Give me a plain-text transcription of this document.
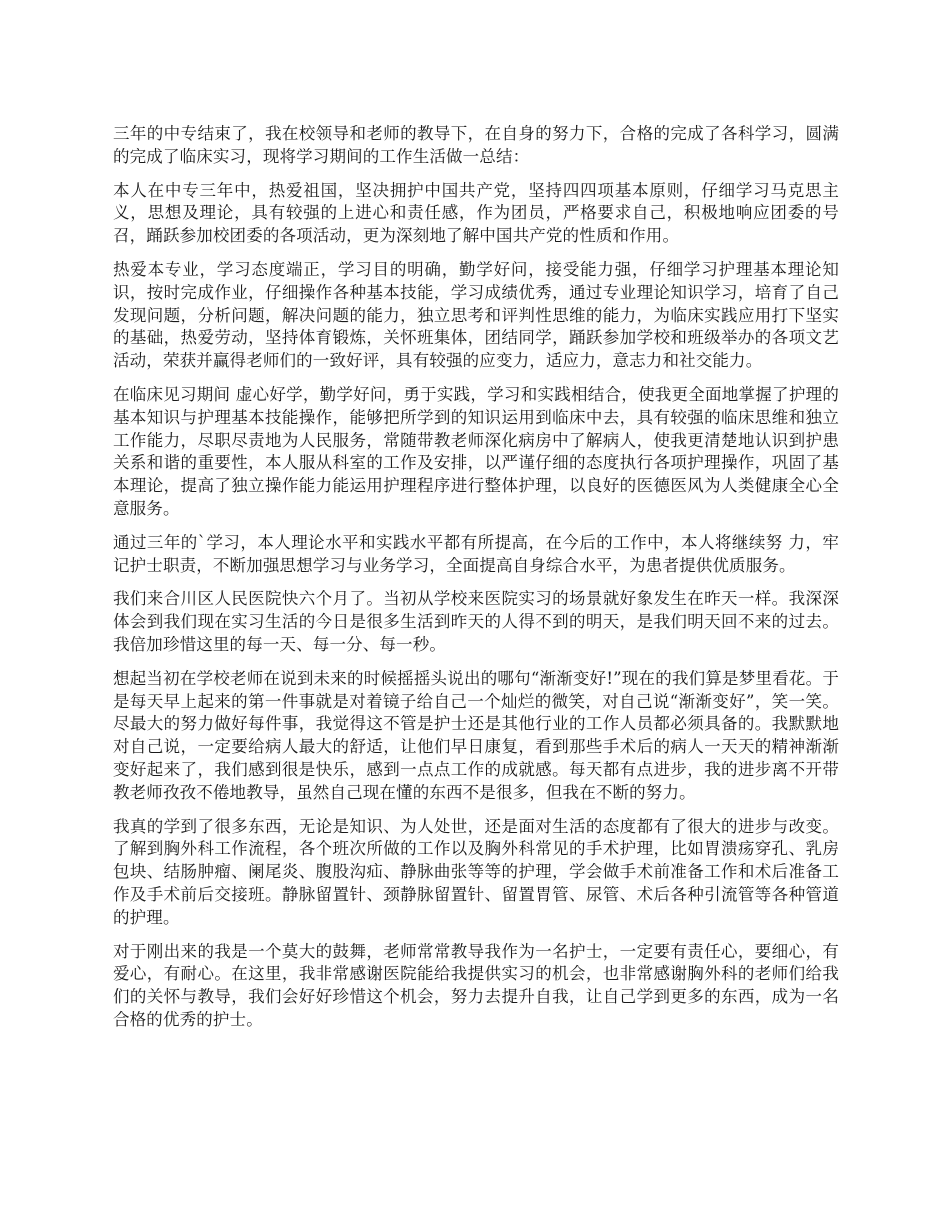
三年的中专结束了，我在校领导和老师的教导下，在自身的努力下，合格的完成了各科学习，圆满的完成了临床实习，现将学习期间的工作生活做一总结：

本人在中专三年中，热爱祖国，坚决拥护中国共产党，坚持四四项基本原则，仔细学习马克思主义，思想及理论，具有较强的上进心和责任感，作为团员，严格要求自己，积极地响应团委的号召，踊跃参加校团委的各项活动，更为深刻地了解中国共产党的性质和作用。

热爱本专业，学习态度端正，学习目的明确，勤学好问，接受能力强，仔细学习护理基本理论知识，按时完成作业，仔细操作各种基本技能，学习成绩优秀，通过专业理论知识学习，培育了自己发现问题，分析问题，解决问题的能力，独立思考和评判性思维的能力，为临床实践应用打下坚实的基础，热爱劳动，坚持体育锻炼，关怀班集体，团结同学，踊跃参加学校和班级举办的各项文艺活动，荣获并赢得老师们的一致好评，具有较强的应变力，适应力，意志力和社交能力。

在临床见习期间 虚心好学，勤学好问，勇于实践，学习和实践相结合，使我更全面地掌握了护理的基本知识与护理基本技能操作，能够把所学到的知识运用到临床中去，具有较强的临床思维和独立工作能力，尽职尽责地为人民服务，常随带教老师深化病房中了解病人，使我更清楚地认识到护患关系和谐的重要性，本人服从科室的工作及安排，以严谨仔细的态度执行各项护理操作，巩固了基本理论，提高了独立操作能力能运用护理程序进行整体护理，以良好的医德医风为人类健康全心全意服务。

通过三年的`学习，本人理论水平和实践水平都有所提高，在今后的工作中，本人将继续努 力，牢记护士职责，不断加强思想学习与业务学习，全面提高自身综合水平，为患者提供优质服务。

我们来合川区人民医院快六个月了。当初从学校来医院实习的场景就好象发生在昨天一样。我深深体会到我们现在实习生活的今日是很多生活到昨天的人得不到的明天，是我们明天回不来的过去。我倍加珍惜这里的每一天、每一分、每一秒。

想起当初在学校老师在说到未来的时候摇摇头说出的哪句“渐渐变好!”现在的我们算是梦里看花。于是每天早上起来的第一件事就是对着镜子给自己一个灿烂的微笑，对自己说“渐渐变好”，笑一笑。尽最大的努力做好每件事，我觉得这不管是护士还是其他行业的工作人员都必须具备的。我默默地对自己说，一定要给病人最大的舒适，让他们早日康复，看到那些手术后的病人一天天的精神渐渐变好起来了，我们感到很是快乐，感到一点点工作的成就感。每天都有点进步，我的进步离不开带教老师孜孜不倦地教导，虽然自己现在懂的东西不是很多，但我在不断的努力。

我真的学到了很多东西，无论是知识、为人处世，还是面对生活的态度都有了很大的进步与改变。了解到胸外科工作流程，各个班次所做的工作以及胸外科常见的手术护理，比如胃溃疡穿孔、乳房包块、结肠肿瘤、阑尾炎、腹股沟疝、静脉曲张等等的护理，学会做手术前准备工作和术后准备工作及手术前后交接班。静脉留置针、颈静脉留置针、留置胃管、尿管、术后各种引流管等各种管道的护理。

对于刚出来的我是一个莫大的鼓舞，老师常常教导我作为一名护士，一定要有责任心，要细心，有爱心，有耐心。在这里，我非常感谢医院能给我提供实习的机会，也非常感谢胸外科的老师们给我们的关怀与教导，我们会好好珍惜这个机会，努力去提升自我，让自己学到更多的东西，成为一名合格的优秀的护士。
